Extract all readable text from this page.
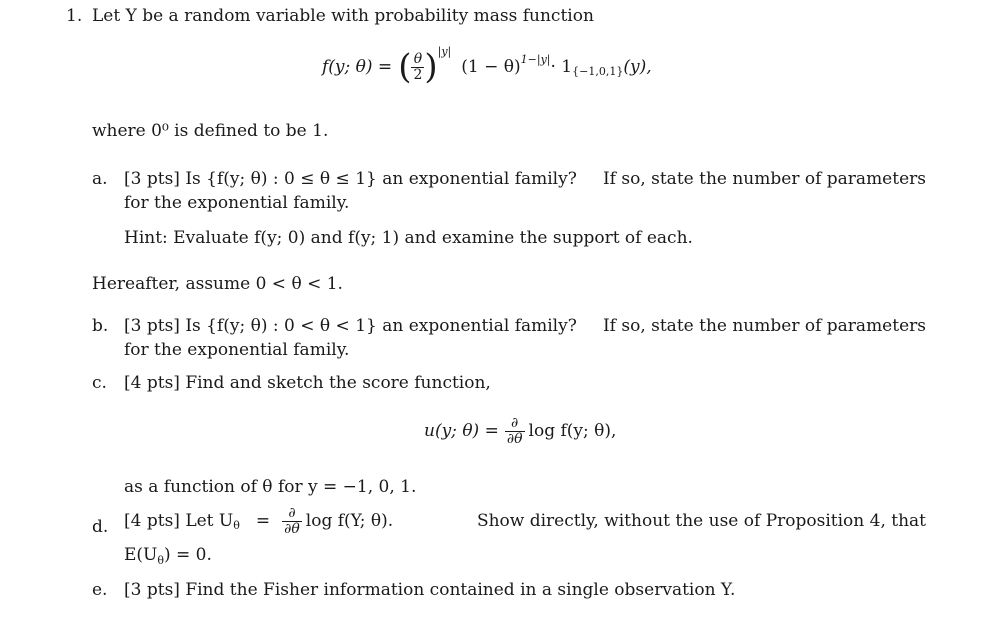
1. Let Y be a random variable with probability mass function
f(y; θ) = ( $\frac{\theta}{2}$ ) |y|
(1 − θ) 1−|y| · 1 {−1,0,1} (y),
where 0⁰ is defined to be 1.
a. [3 pts] Is {f(y; θ) : 0 ≤ θ ≤ 1} an exponential family? If so, state the number of parameters
for the exponential family.
Hint: Evaluate f(y; 0) and f(y; 1) and examine the support of each.
Hereafter, assume 0 < θ < 1.
b. [3 pts] Is {f(y; θ) : 0 < θ < 1} an exponential family? If so, state the number of parameters
for the exponential family.
c. [4 pts] Find and sketch the score function,
u(y; $\theta) = \frac{\partial}{\partial\theta}$ log f(y; θ),
as a function of θ for y = −1, 0, 1.
d. [4 pts] Let U $\theta = \frac{\partial}{\partial\theta}$ log f(Y; θ).	Show directly, without the use of Proposition 4, that
$E(U_\theta) = 0$.
e. [3 pts] Find the Fisher information contained in a single observation Y.
